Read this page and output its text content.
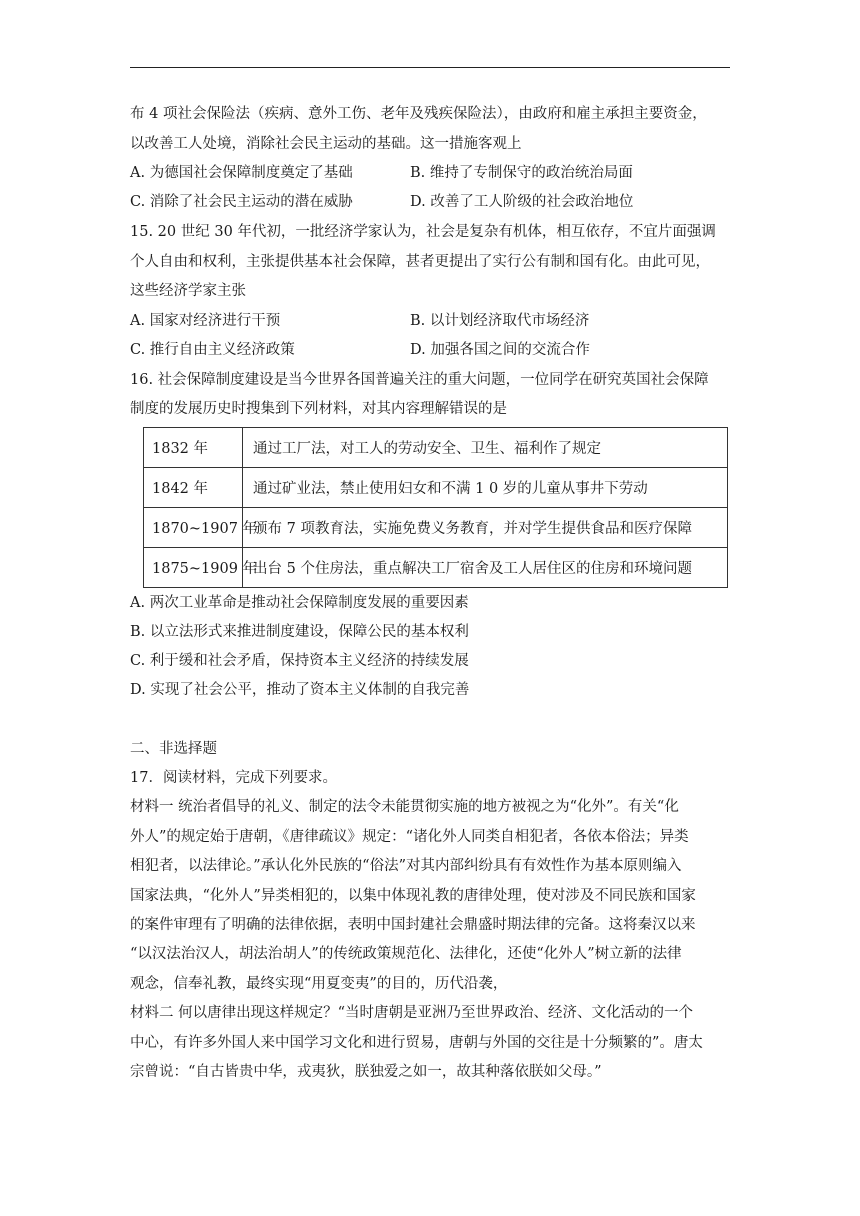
布 4 项社会保险法（疾病、意外工伤、老年及残疾保险法），由政府和雇主承担主要资金，
以改善工人处境，消除社会民主运动的基础。这一措施客观上
A. 为德国社会保障制度奠定了基础	B. 维持了专制保守的政治统治局面
C. 消除了社会民主运动的潜在威胁	D. 改善了工人阶级的社会政治地位
15. 20 世纪 30 年代初，一批经济学家认为，社会是复杂有机体，相互依存，不宜片面强调
个人自由和权利，主张提供基本社会保障，甚者更提出了实行公有制和国有化。由此可见，
这些经济学家主张
A. 国家对经济进行干预	B. 以计划经济取代市场经济
C. 推行自由主义经济政策	D. 加强各国之间的交流合作
16. 社会保障制度建设是当今世界各国普遍关注的重大问题，一位同学在研究英国社会保障
制度的发展历史时搜集到下列材料，对其内容理解错误的是
1832 年	通过工厂法，对工人的劳动安全、卫生、福利作了规定
1842 年	通过矿业法，禁止使用妇女和不满 1 0 岁的儿童从事井下劳动
1870~1907 年	颁布 7 项教育法，实施免费义务教育，并对学生提供食品和医疗保障
1875~1909 年	出台 5 个住房法，重点解决工厂宿舍及工人居住区的住房和环境问题
A. 两次工业革命是推动社会保障制度发展的重要因素
B. 以立法形式来推进制度建设，保障公民的基本权利
C. 利于缓和社会矛盾，保持资本主义经济的持续发展
D. 实现了社会公平，推动了资本主义体制的自我完善
二、非选择题
17．阅读材料，完成下列要求。
材料一 统治者倡导的礼义、制定的法令未能贯彻实施的地方被视之为“化外”。有关“化
外人”的规定始于唐朝，《唐律疏议》规定：“诸化外人同类自相犯者，各依本俗法；异类
相犯者，以法律论。”承认化外民族的“俗法”对其内部纠纷具有有效性作为基本原则编入
国家法典，“化外人”异类相犯的，以集中体现礼教的唐律处理，使对涉及不同民族和国家
的案件审理有了明确的法律依据，表明中国封建社会鼎盛时期法律的完备。这将秦汉以来
“以汉法治汉人，胡法治胡人”的传统政策规范化、法律化，还使“化外人”树立新的法律
观念，信奉礼教，最终实现“用夏变夷”的目的，历代沿袭，
材料二 何以唐律出现这样规定？“当时唐朝是亚洲乃至世界政治、经济、文化活动的一个
中心，有许多外国人来中国学习文化和进行贸易，唐朝与外国的交往是十分频繁的”。唐太
宗曾说：“自古皆贵中华，戎夷狄，朕独爱之如一，故其种落依朕如父母。”
